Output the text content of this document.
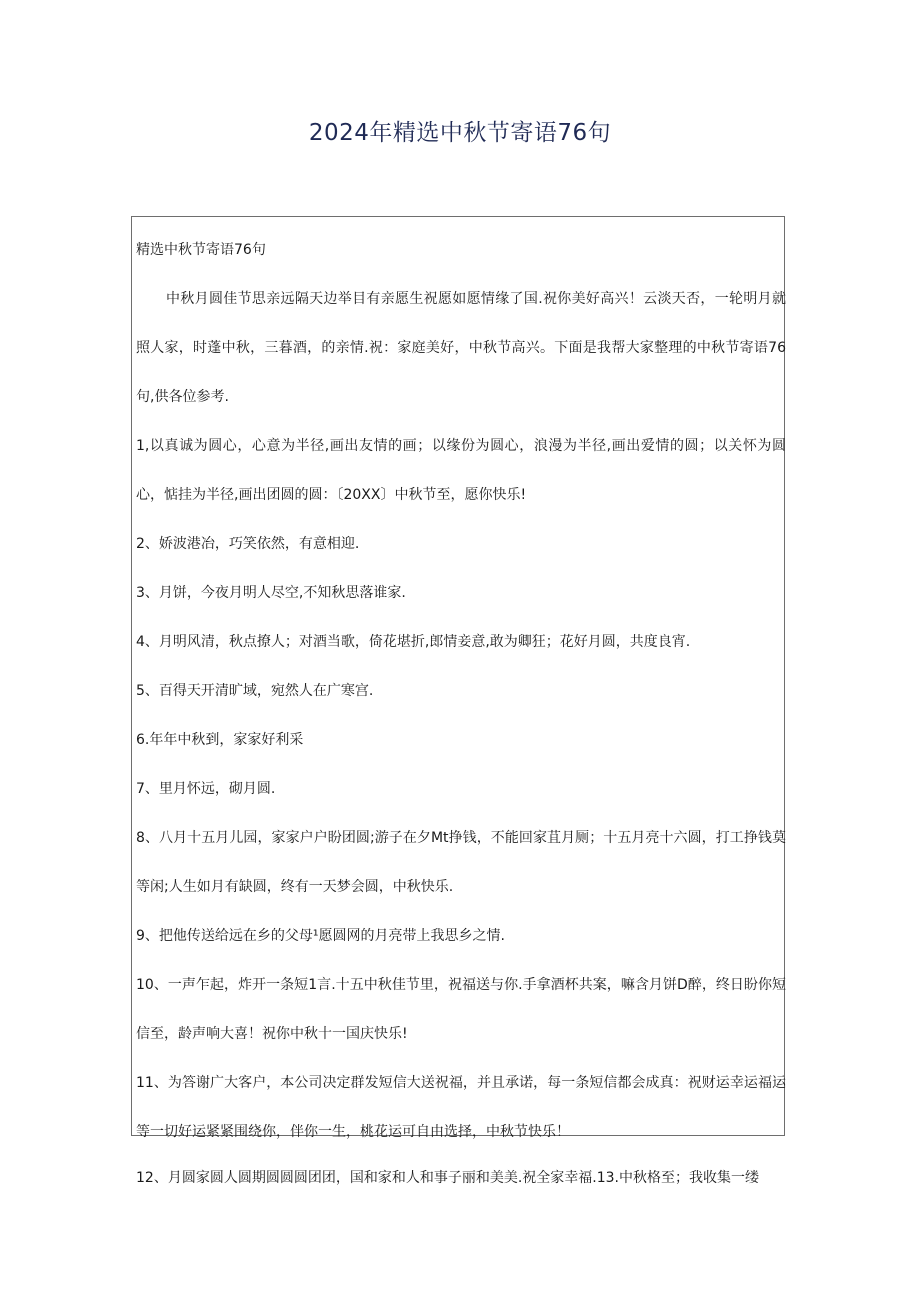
2024年精选中秋节寄语76句

精选中秋节寄语76句

中秋月圆佳节思亲远隔天边举目有亲愿生祝愿如愿情缘了国.祝你美好高兴！云淡天否，一轮明月就照人家，时蓬中秋，三暮酒，的亲情.祝：家庭美好，中秋节高兴。下面是我帮大家整理的中秋节寄语76句,供各位参考.

1,以真诚为圆心，心意为半径,画出友情的画；以缘份为圆心，浪漫为半径,画出爱情的圆；以关怀为圆心，惦挂为半径,画出团圆的圆：〔20XX〕中秋节至，愿你快乐!

2、娇波港冶，巧笑依然，有意相迎.

3、月饼，今夜月明人尽空,不知秋思落谁家.

4、月明风清，秋点撩人；对酒当歌，倚花堪折,郎情妾意,敢为卿狂；花好月圆，共度良宵.

5、百得天开清旷域，宛然人在广寒宫.

6.年年中秋到，家家好利采

7、里月怀远，砌月圆.

8、八月十五月儿园，家家户户盼团圆;游子在夕Mt挣钱，不能回家苴月厕；十五月亮十六圆，打工挣钱莫等闲;人生如月有缺圆，终有一天梦会圆，中秋快乐.

9、把他传送给远在乡的父母¹愿圆网的月亮带上我思乡之情.

10、一声乍起，炸开一条短1言.十五中秋佳节里，祝福送与你.手拿酒杯共案，嘛含月饼D醉，终日盼你短信至，龄声响大喜！祝你中秋十一国庆快乐!

11、为答谢广大客户，本公司决定群发短信大送祝福，并且承诺，每一条短信都会成真：祝财运幸运福运等一切好运紧紧围绕你，伴你一生，桃花运可自由选择，中秋节快乐！

12、月圆家圆人圆期圆圆圆团团，国和家和人和事子丽和美美.祝全家幸福.13.中秋格至；我收集一缕
